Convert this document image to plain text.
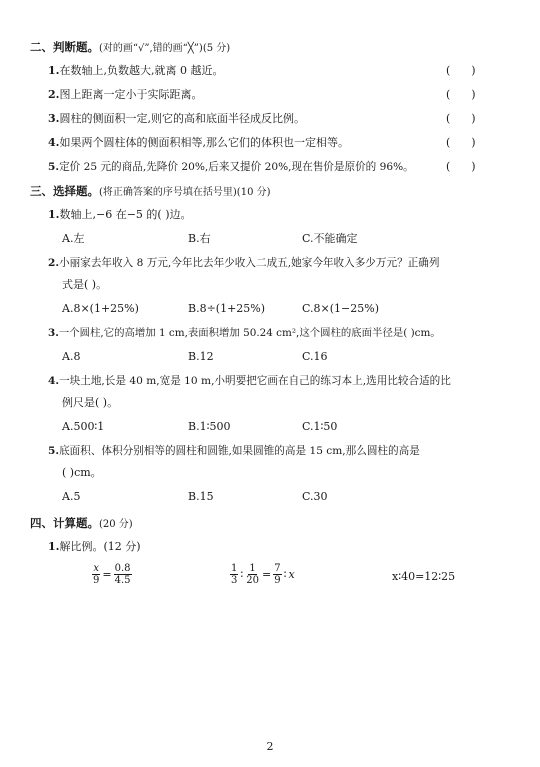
二、判断题。(对的画“√”,错的画“╳”)(5 分)
1.在数轴上,负数越大,就离 0 越近。	(      )
2.图上距离一定小于实际距离。	(      )
3.圆柱的侧面积一定,则它的高和底面半径成反比例。	(      )
4.如果两个圆柱体的侧面积相等,那么它们的体积也一定相等。	(      )
5.定价 25 元的商品,先降价 20%,后来又提价 20%,现在售价是原价的 96%。	(      )
三、选择题。(将正确答案的序号填在括号里)(10 分)
1.数轴上,−6 在−5 的( )边。
A.左	B.右	C.不能确定
2.小丽家去年收入 8 万元,今年比去年少收入二成五,她家今年收入多少万元？正确列
式是( )。
A.8×(1+25%)	B.8÷(1+25%)	C.8×(1−25%)
3.一个圆柱,它的高增加 1 cm,表面积增加 50.24 cm²,这个圆柱的底面半径是( )cm。
A.8	B.12	C.16
4.一块土地,长是 40 m,宽是 10 m,小明要把它画在自己的练习本上,选用比较合适的比
例尺是( )。
A.500∶1	B.1∶500	C.1∶50
5.底面积、体积分别相等的圆柱和圆锥,如果圆锥的高是 15 cm,那么圆柱的高是
( )cm。
A.5	B.15	C.30
四、计算题。(20 分)
1.解比例。(12 分)
$\frac{x}{9} = \frac{0.8}{4.5}$	$\frac{1}{3}$ ∶ $\frac{1}{20} = \frac{7}{9}$ ∶ x	x∶40=12∶25
2
